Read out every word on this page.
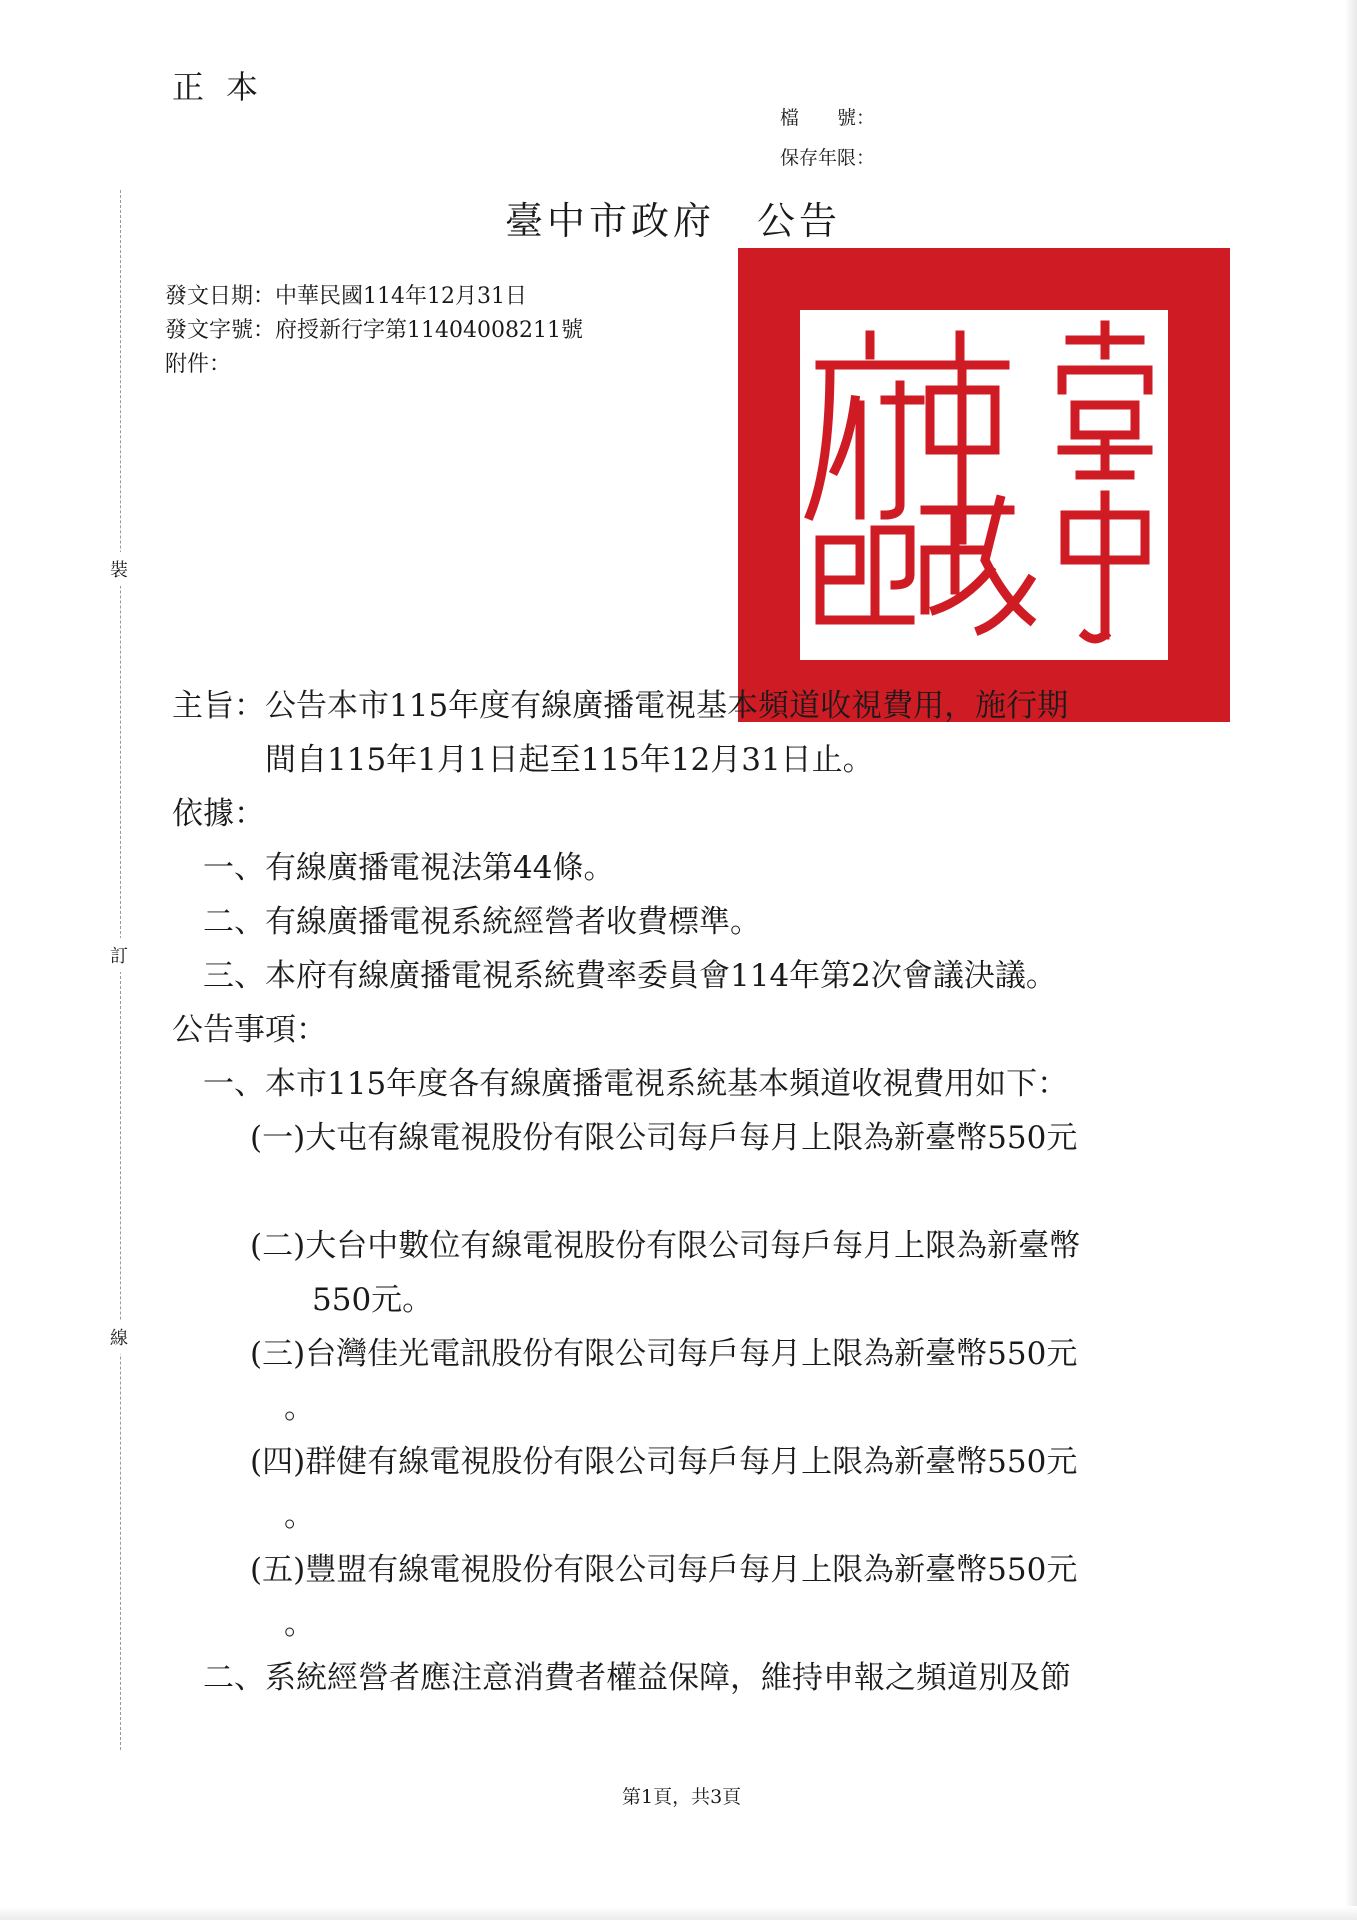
正本
檔　　號：
保存年限：
裝
訂
線
臺中市政府　公告
發文日期：中華民國114年12月31日
發文字號：府授新行字第11404008211號
附件：
主旨： 公告本市115年度有線廣播電視基本頻道收視費用，施行期
間自115年1月1日起至115年12月31日止。
依據：
一、有線廣播電視法第44條。
二、有線廣播電視系統經營者收費標準。
三、本府有線廣播電視系統費率委員會114年第2次會議決議。
公告事項：
一、本市115年度各有線廣播電視系統基本頻道收視費用如下：
(一)大屯有線電視股份有限公司每戶每月上限為新臺幣550元
(二)大台中數位有線電視股份有限公司每戶每月上限為新臺幣
550元。
(三)台灣佳光電訊股份有限公司每戶每月上限為新臺幣550元
。
(四)群健有線電視股份有限公司每戶每月上限為新臺幣550元
。
(五)豐盟有線電視股份有限公司每戶每月上限為新臺幣550元
。
二、系統經營者應注意消費者權益保障，維持申報之頻道別及節
第1頁，共3頁
